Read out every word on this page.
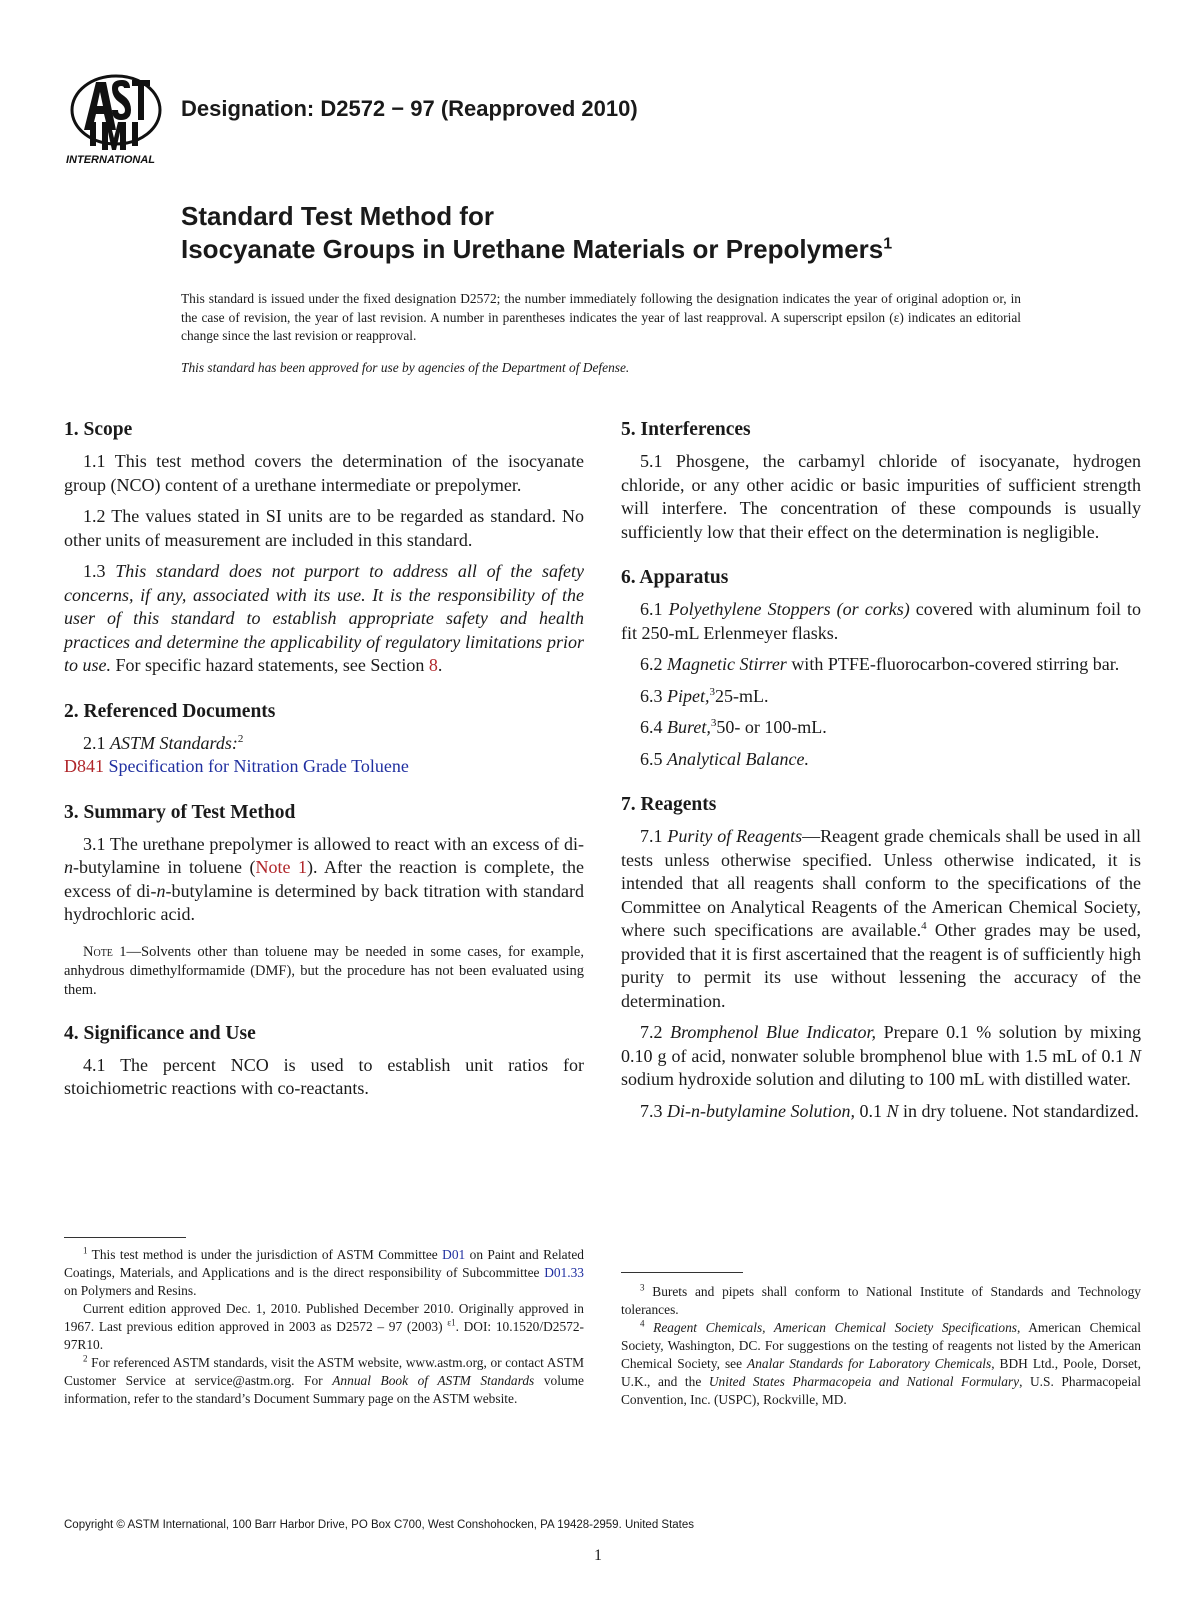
INTERNATIONAL
Designation: D2572 − 97 (Reapproved 2010)
Standard Test Method for
Isocyanate Groups in Urethane Materials or Prepolymers$^1$
This standard is issued under the fixed designation D2572; the number immediately following the designation indicates the year of original adoption or, in the case of revision, the year of last revision. A number in parentheses indicates the year of last reapproval. A superscript epsilon (ε) indicates an editorial change since the last revision or reapproval.
This standard has been approved for use by agencies of the Department of Defense.
1. Scope

1.1 This test method covers the determination of the isocyanate group (NCO) content of a urethane intermediate or prepolymer.

1.2 The values stated in SI units are to be regarded as standard. No other units of measurement are included in this standard.

1.3 This standard does not purport to address all of the safety concerns, if any, associated with its use. It is the responsibility of the user of this standard to establish appropriate safety and health practices and determine the applicability of regulatory limitations prior to use. For specific hazard statements, see Section 8.

2. Referenced Documents

2.1 ASTM Standards:$^2$

D841 Specification for Nitration Grade Toluene

3. Summary of Test Method

3.1 The urethane prepolymer is allowed to react with an excess of di-n-butylamine in toluene (Note 1). After the reaction is complete, the excess of di-n-butylamine is determined by back titration with standard hydrochloric acid.

Note 1—Solvents other than toluene may be needed in some cases, for example, anhydrous dimethylformamide (DMF), but the procedure has not been evaluated using them.

4. Significance and Use

4.1 The percent NCO is used to establish unit ratios for stoichiometric reactions with co-reactants.

5. Interferences

5.1 Phosgene, the carbamyl chloride of isocyanate, hydrogen chloride, or any other acidic or basic impurities of sufficient strength will interfere. The concentration of these compounds is usually sufficiently low that their effect on the determination is negligible.

6. Apparatus

6.1 Polyethylene Stoppers (or corks) covered with aluminum foil to fit 250-mL Erlenmeyer flasks.

6.2 Magnetic Stirrer with PTFE-fluorocarbon-covered stirring bar.

6.3 Pipet,$^3$25-mL.

6.4 Buret,$^3$50- or 100-mL.

6.5 Analytical Balance.

7. Reagents

7.1 Purity of Reagents—Reagent grade chemicals shall be used in all tests unless otherwise specified. Unless otherwise indicated, it is intended that all reagents shall conform to the specifications of the Committee on Analytical Reagents of the American Chemical Society, where such specifications are available.$^4$ Other grades may be used, provided that it is first ascertained that the reagent is of sufficiently high purity to permit its use without lessening the accuracy of the determination.

7.2 Bromphenol Blue Indicator, Prepare 0.1 % solution by mixing 0.10 g of acid, nonwater soluble bromphenol blue with 1.5 mL of 0.1 N sodium hydroxide solution and diluting to 100 mL with distilled water.

7.3 Di-n-butylamine Solution, 0.1 N in dry toluene. Not standardized.

$^1$ This test method is under the jurisdiction of ASTM Committee D01 on Paint and Related Coatings, Materials, and Applications and is the direct responsibility of Subcommittee D01.33 on Polymers and Resins.

Current edition approved Dec. 1, 2010. Published December 2010. Originally approved in 1967. Last previous edition approved in 2003 as D2572 – 97 (2003) $^{\varepsilon 1}$. DOI: 10.1520/D2572-97R10.

$^2$ For referenced ASTM standards, visit the ASTM website, www.astm.org, or contact ASTM Customer Service at service@astm.org. For Annual Book of ASTM Standards volume information, refer to the standard’s Document Summary page on the ASTM website.

$^3$ Burets and pipets shall conform to National Institute of Standards and Technology tolerances.

$^4$ Reagent Chemicals, American Chemical Society Specifications, American Chemical Society, Washington, DC. For suggestions on the testing of reagents not listed by the American Chemical Society, see Analar Standards for Laboratory Chemicals, BDH Ltd., Poole, Dorset, U.K., and the United States Pharmacopeia and National Formulary, U.S. Pharmacopeial Convention, Inc. (USPC), Rockville, MD.

Copyright © ASTM International, 100 Barr Harbor Drive, PO Box C700, West Conshohocken, PA 19428-2959. United States
1
